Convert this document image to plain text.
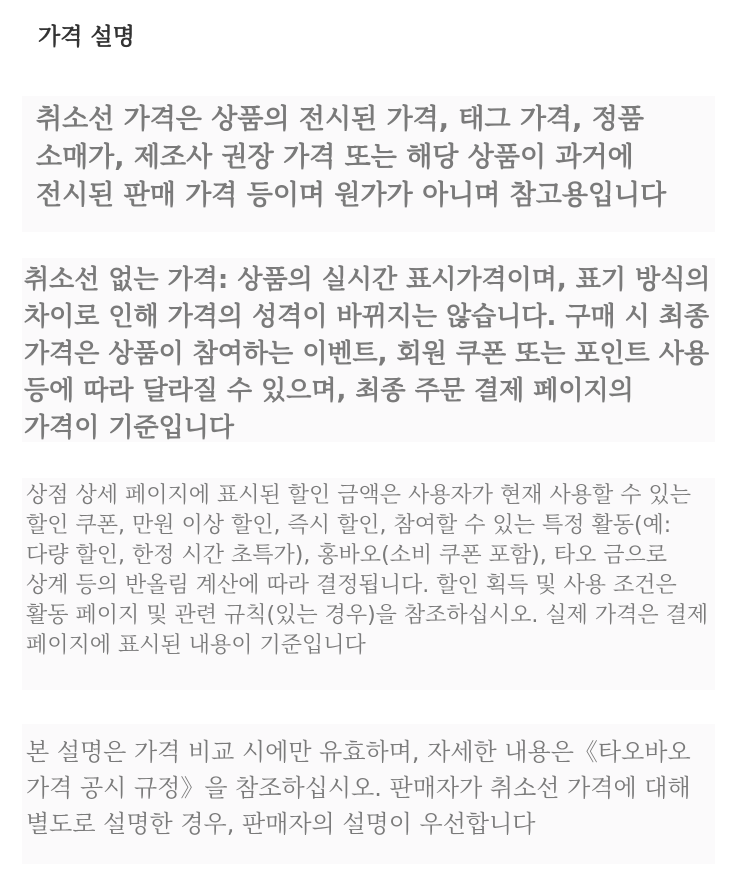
가격 설명

취소선 가격은 상품의 전시된 가격, 태그 가격, 정품 소매가, 제조사 권장 가격 또는 해당 상품이 과거에 전시된 판매 가격 등이며 원가가 아니며 참고용입니다

취소선 없는 가격: 상품의 실시간 표시가격이며, 표기 방식의 차이로 인해 가격의 성격이 바뀌지는 않습니다. 구매 시 최종 가격은 상품이 참여하는 이벤트, 회원 쿠폰 또는 포인트 사용 등에 따라 달라질 수 있으며, 최종 주문 결제 페이지의 가격이 기준입니다

상점 상세 페이지에 표시된 할인 금액은 사용자가 현재 사용할 수 있는 할인 쿠폰, 만원 이상 할인, 즉시 할인, 참여할 수 있는 특정 활동(예: 다량 할인, 한정 시간 초특가), 홍바오(소비 쿠폰 포함), 타오 금으로 상계 등의 반올림 계산에 따라 결정됩니다. 할인 획득 및 사용 조건은 활동 페이지 및 관련 규칙(있는 경우)을 참조하십시오. 실제 가격은 결제 페이지에 표시된 내용이 기준입니다

본 설명은 가격 비교 시에만 유효하며, 자세한 내용은《타오바오 가격 공시 규정》을 참조하십시오. 판매자가 취소선 가격에 대해 별도로 설명한 경우, 판매자의 설명이 우선합니다
